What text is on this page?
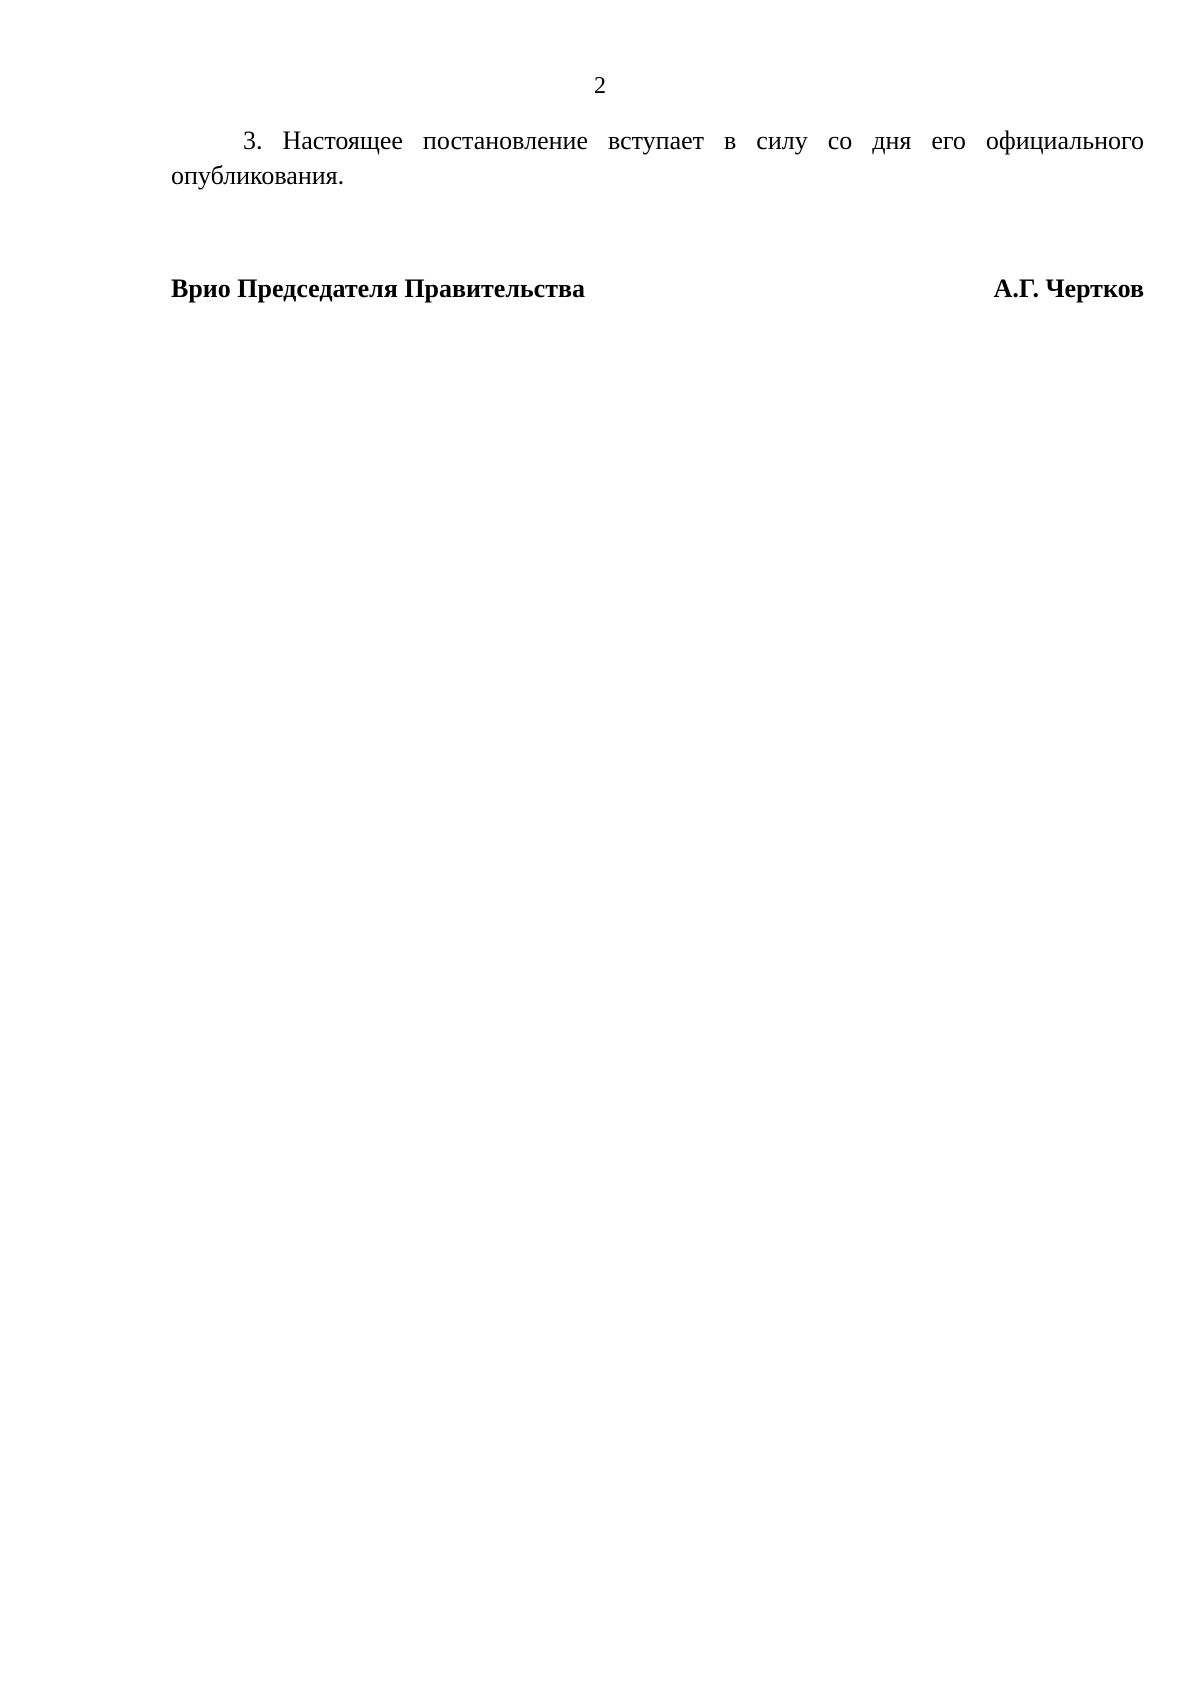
2
3. Настоящее постановление вступает в силу со дня его официального
опубликования.
Врио Председателя Правительства	А.Г. Чертков
